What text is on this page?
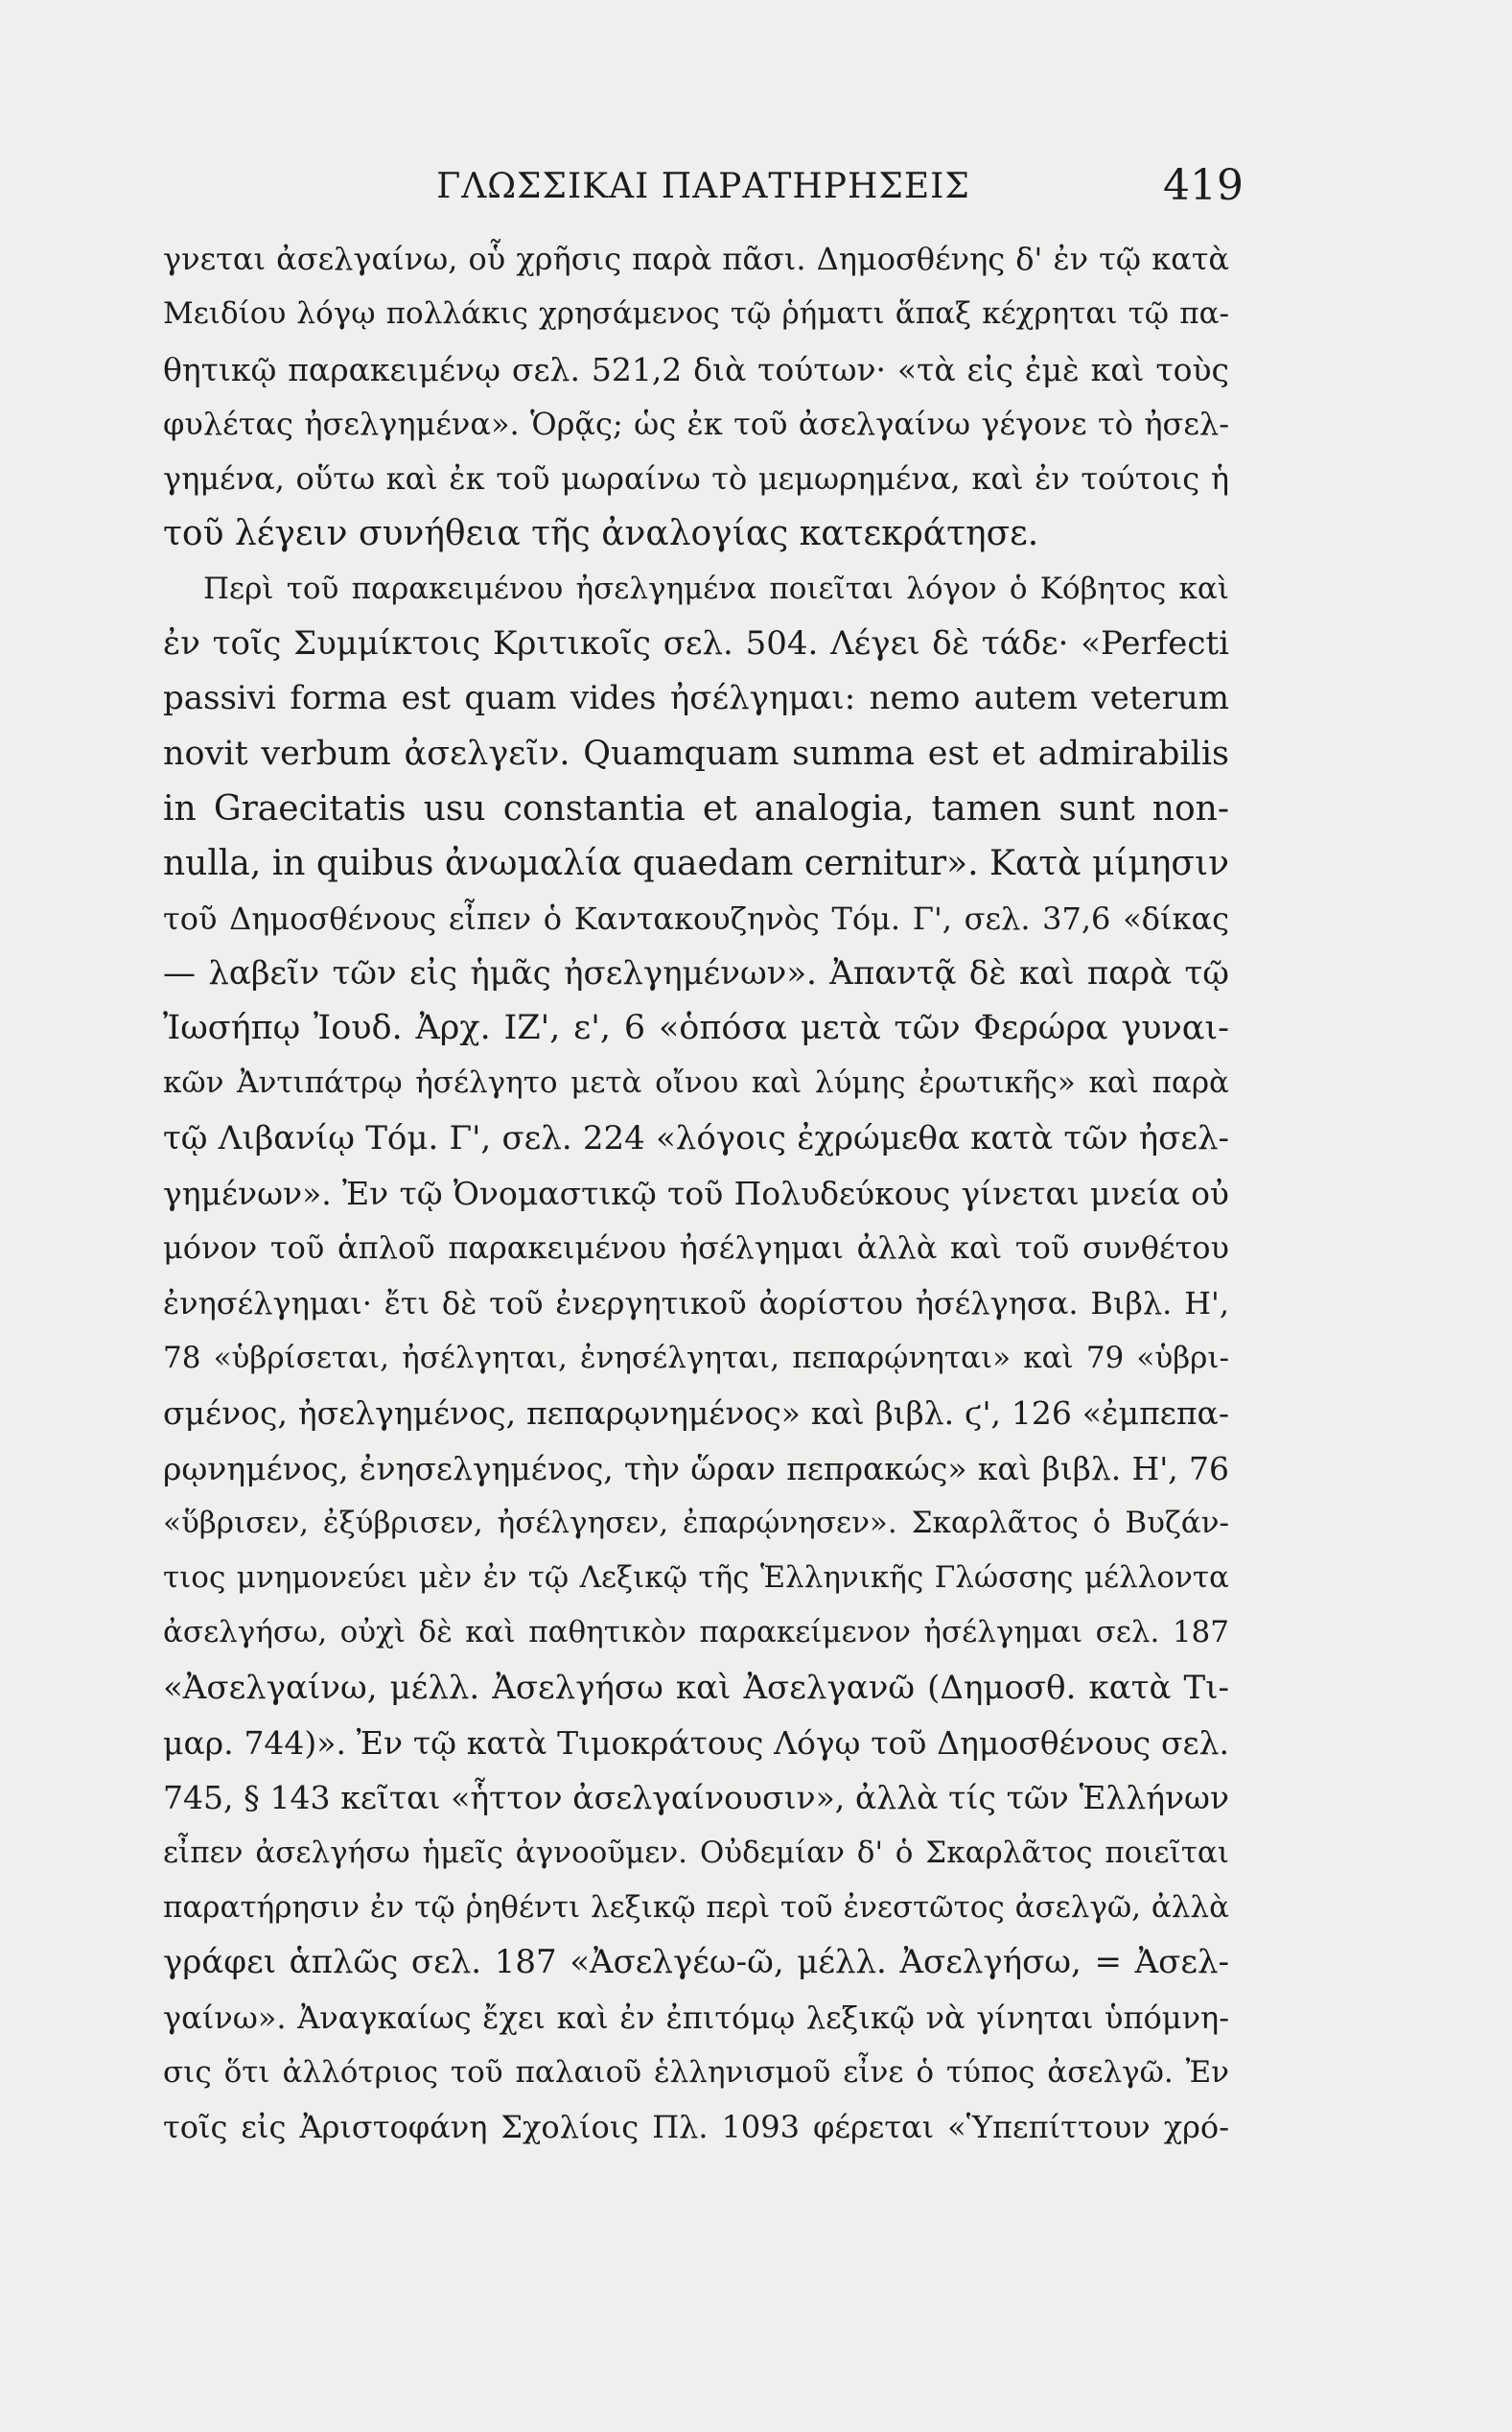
ΓΛΩΣΣΙΚΑΙ ΠΑΡΑΤΗΡΗΣΕΙΣ	419
γνεται ἀσελγαίνω, οὗ χρῆσις παρὰ πᾶσι. Δημοσθένης δ' ἐν τῷ κατὰ
Μειδίου λόγῳ πολλάκις χρησάμενος τῷ ῥήματι ἅπαξ κέχρηται τῷ πα-
θητικῷ παρακειμένῳ σελ. 521,2 διὰ τούτων· «τὰ εἰς ἐμὲ καὶ τοὺς
φυλέτας ἠσελγημένα». Ὁρᾷς; ὡς ἐκ τοῦ ἀσελγαίνω γέγονε τὸ ἠσελ-
γημένα, οὕτω καὶ ἐκ τοῦ μωραίνω τὸ μεμωρημένα, καὶ ἐν τούτοις ἡ
τοῦ λέγειν συνήθεια τῆς ἀναλογίας κατεκράτησε.
Περὶ τοῦ παρακειμένου ἠσελγημένα ποιεῖται λόγον ὁ Κόβητος καὶ
ἐν τοῖς Συμμίκτοις Κριτικοῖς σελ. 504. Λέγει δὲ τάδε· «Perfecti
passivi forma est quam vides ἠσέλγημαι: nemo autem veterum
novit verbum ἀσελγεῖν. Quamquam summa est et admirabilis
in Graecitatis usu constantia et analogia, tamen sunt non-
nulla, in quibus ἀνωμαλία quaedam cernitur». Κατὰ μίμησιν
τοῦ Δημοσθένους εἶπεν ὁ Καντακουζηνὸς Τόμ. Γ', σελ. 37,6 «δίκας
— λαβεῖν τῶν εἰς ἡμᾶς ἠσελγημένων». Ἀπαντᾷ δὲ καὶ παρὰ τῷ
Ἰωσήπῳ Ἰουδ. Ἀρχ. ΙΖ', ε', 6 «ὁπόσα μετὰ τῶν Φερώρα γυναι-
κῶν Ἀντιπάτρῳ ἠσέλγητο μετὰ οἴνου καὶ λύμης ἐρωτικῆς» καὶ παρὰ
τῷ Λιβανίῳ Τόμ. Γ', σελ. 224 «λόγοις ἐχρώμεθα κατὰ τῶν ἠσελ-
γημένων». Ἐν τῷ Ὀνομαστικῷ τοῦ Πολυδεύκους γίνεται μνεία οὐ
μόνον τοῦ ἁπλοῦ παρακειμένου ἠσέλγημαι ἀλλὰ καὶ τοῦ συνθέτου
ἐνησέλγημαι· ἔτι δὲ τοῦ ἐνεργητικοῦ ἀορίστου ἠσέλγησα. Βιβλ. Η',
78 «ὑβρίσεται, ἠσέλγηται, ἐνησέλγηται, πεπαρῴνηται» καὶ 79 «ὑβρι-
σμένος, ἠσελγημένος, πεπαρῳνημένος» καὶ βιβλ. ϛ', 126 «ἐμπεπα-
ρῳνημένος, ἐνησελγημένος, τὴν ὥραν πεπρακώς» καὶ βιβλ. Η', 76
«ὕβρισεν, ἐξύβρισεν, ἠσέλγησεν, ἐπαρῴνησεν». Σκαρλᾶτος ὁ Βυζάν-
τιος μνημονεύει μὲν ἐν τῷ Λεξικῷ τῆς Ἑλληνικῆς Γλώσσης μέλλοντα
ἀσελγήσω, οὐχὶ δὲ καὶ παθητικὸν παρακείμενον ἠσέλγημαι σελ. 187
«Ἀσελγαίνω, μέλλ. Ἀσελγήσω καὶ Ἀσελγανῶ (Δημοσθ. κατὰ Τι-
μαρ. 744)». Ἐν τῷ κατὰ Τιμοκράτους Λόγῳ τοῦ Δημοσθένους σελ.
745, § 143 κεῖται «ἧττον ἀσελγαίνουσιν», ἀλλὰ τίς τῶν Ἑλλήνων
εἶπεν ἀσελγήσω ἡμεῖς ἀγνοοῦμεν. Οὐδεμίαν δ' ὁ Σκαρλᾶτος ποιεῖται
παρατήρησιν ἐν τῷ ῥηθέντι λεξικῷ περὶ τοῦ ἐνεστῶτος ἀσελγῶ, ἀλλὰ
γράφει ἁπλῶς σελ. 187 «Ἀσελγέω-ῶ, μέλλ. Ἀσελγήσω, = Ἀσελ-
γαίνω». Ἀναγκαίως ἔχει καὶ ἐν ἐπιτόμῳ λεξικῷ νὰ γίνηται ὑπόμνη-
σις ὅτι ἀλλότριος τοῦ παλαιοῦ ἑλληνισμοῦ εἶνε ὁ τύπος ἀσελγῶ. Ἐν
τοῖς εἰς Ἀριστοφάνη Σχολίοις Πλ. 1093 φέρεται «Ὑπεπίττουν χρό-
